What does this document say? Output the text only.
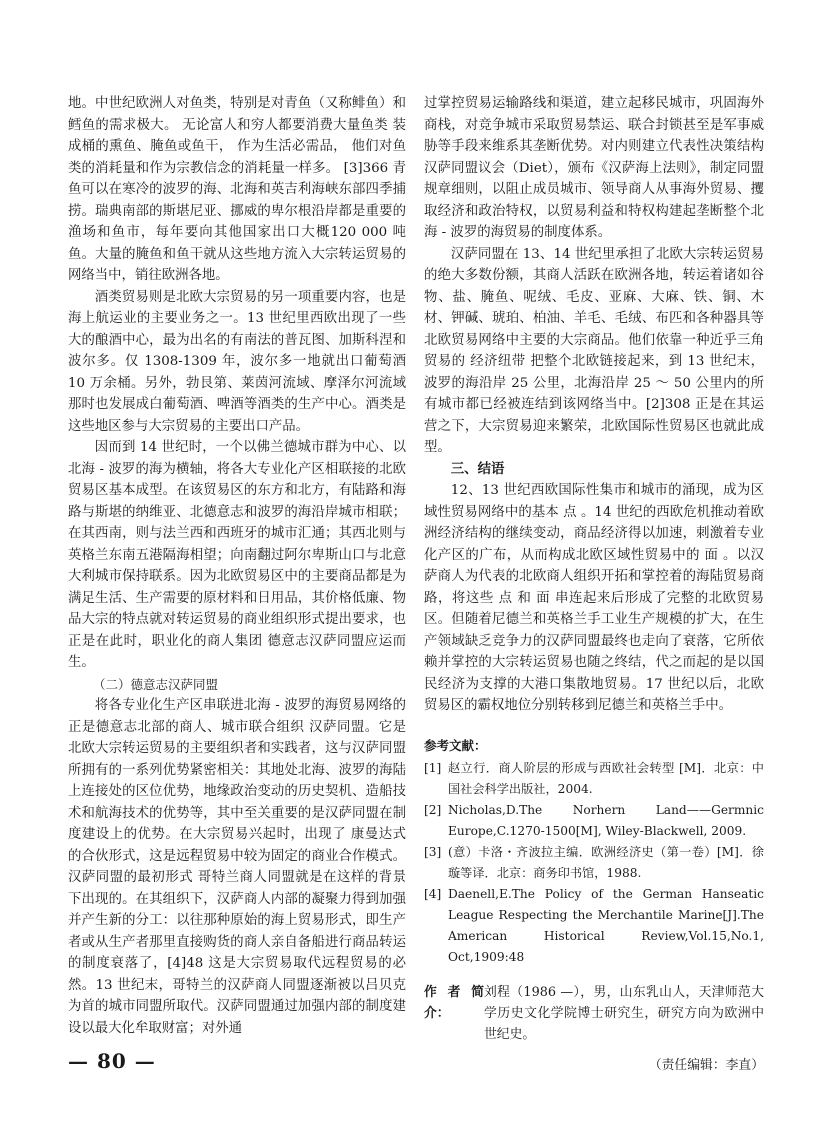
地。中世纪欧洲人对鱼类，特别是对青鱼（又称鲱鱼）和鳕鱼的需求极大。 无论富人和穷人都要消费大量鱼类 装成桶的熏鱼、腌鱼或鱼干， 作为生活必需品， 他们对鱼类的消耗量和作为宗教信念的消耗量一样多。 [3]366 青鱼可以在寒冷的波罗的海、北海和英吉利海峡东部四季捕捞。瑞典南部的斯堪尼亚、挪威的卑尔根沿岸都是重要的渔场和鱼市，每年要向其他国家出口大概120 000 吨鱼。大量的腌鱼和鱼干就从这些地方流入大宗转运贸易的网络当中，销往欧洲各地。

酒类贸易则是北欧大宗贸易的另一项重要内容，也是海上航运业的主要业务之一。13 世纪里西欧出现了一些大的酿酒中心，最为出名的有南法的普瓦图、加斯科涅和波尔多。仅 1308-1309 年，波尔多一地就出口葡萄酒 10 万余桶。另外，勃艮第、莱茵河流域、摩泽尔河流域那时也发展成白葡萄酒、啤酒等酒类的生产中心。酒类是这些地区参与大宗贸易的主要出口产品。

因而到 14 世纪时，一个以佛兰德城市群为中心、以北海 - 波罗的海为横轴，将各大专业化产区相联接的北欧贸易区基本成型。在该贸易区的东方和北方，有陆路和海路与斯堪的纳维亚、北德意志和波罗的海沿岸城市相联；在其西南，则与法兰西和西班牙的城市汇通；其西北则与英格兰东南五港隔海相望；向南翻过阿尔卑斯山口与北意大利城市保持联系。因为北欧贸易区中的主要商品都是为满足生活、生产需要的原材料和日用品，其价格低廉、物品大宗的特点就对转运贸易的商业组织形式提出要求，也正是在此时，职业化的商人集团 德意志汉萨同盟应运而生。

（二）德意志汉萨同盟

将各专业化生产区串联进北海 - 波罗的海贸易网络的正是德意志北部的商人、城市联合组织 汉萨同盟。它是北欧大宗转运贸易的主要组织者和实践者，这与汉萨同盟所拥有的一系列优势紧密相关：其地处北海、波罗的海陆上连接处的区位优势，地缘政治变动的历史契机、造船技术和航海技术的优势等，其中至关重要的是汉萨同盟在制度建设上的优势。在大宗贸易兴起时，出现了 康曼达式 的合伙形式，这是远程贸易中较为固定的商业合作模式。汉萨同盟的最初形式 哥特兰商人同盟就是在这样的背景下出现的。在其组织下，汉萨商人内部的凝聚力得到加强并产生新的分工：以往那种原始的海上贸易形式，即生产者或从生产者那里直接购货的商人亲自备船进行商品转运的制度衰落了，[4]48 这是大宗贸易取代远程贸易的必然。13 世纪末，哥特兰的汉萨商人同盟逐渐被以吕贝克为首的城市同盟所取代。汉萨同盟通过加强内部的制度建设以最大化牟取财富；对外通

过掌控贸易运输路线和渠道，建立起移民城市，巩固海外商栈，对竞争城市采取贸易禁运、联合封锁甚至是军事威胁等手段来维系其垄断优势。对内则建立代表性决策结构 汉萨同盟议会（Diet），颁布《汉萨海上法则》，制定同盟规章细则，以阻止成员城市、领导商人从事海外贸易、攫取经济和政治特权，以贸易利益和特权构建起垄断整个北海 - 波罗的海贸易的制度体系。

汉萨同盟在 13、14 世纪里承担了北欧大宗转运贸易的绝大多数份额，其商人活跃在欧洲各地，转运着诸如谷物、盐、腌鱼、呢绒、毛皮、亚麻、大麻、铁、铜、木材、钾碱、琥珀、柏油、羊毛、毛绒、布匹和各种器具等北欧贸易网络中主要的大宗商品。他们依靠一种近乎三角贸易的 经济纽带 把整个北欧链接起来，到 13 世纪末，波罗的海沿岸 25 公里，北海沿岸 25 ～ 50 公里内的所有城市都已经被连结到该网络当中。[2]308 正是在其运营之下，大宗贸易迎来繁荣，北欧国际性贸易区也就此成型。

三、结语

12、13 世纪西欧国际性集市和城市的涌现，成为区域性贸易网络中的基本 点 。14 世纪的西欧危机推动着欧洲经济结构的继续变动，商品经济得以加速，刺激着专业化产区的广布，从而构成北欧区域性贸易中的 面 。以汉萨商人为代表的北欧商人组织开拓和掌控着的海陆贸易商路，将这些 点 和 面 串连起来后形成了完整的北欧贸易区。但随着尼德兰和英格兰手工业生产规模的扩大，在生产领域缺乏竞争力的汉萨同盟最终也走向了衰落，它所依赖并掌控的大宗转运贸易也随之终结，代之而起的是以国民经济为支撑的大港口集散地贸易。17 世纪以后，北欧贸易区的霸权地位分别转移到尼德兰和英格兰手中。

参考文献：
[1] 赵立行．商人阶层的形成与西欧社会转型 [M]．北京：中国社会科学出版社，2004.
[2] Nicholas,D.The Norhern Land——Germnic Europe,C.1270-1500[M], Wiley-Blackwell, 2009.
[3] (意）卡洛・齐波拉主编．欧洲经济史（第一卷）[M]．徐璇等译．北京：商务印书馆，1988.
[4] Daenell,E.The Policy of the German Hanseatic League Respecting the Merchantile Marine[J].The American Historical Review,Vol.15,No.1, Oct,1909:48
作者简介：
刘程（1986 —），男，山东乳山人，天津师范大学历史文化学院博士研究生，研究方向为欧洲中世纪史。
（责任编辑：李直）
— 80 —
